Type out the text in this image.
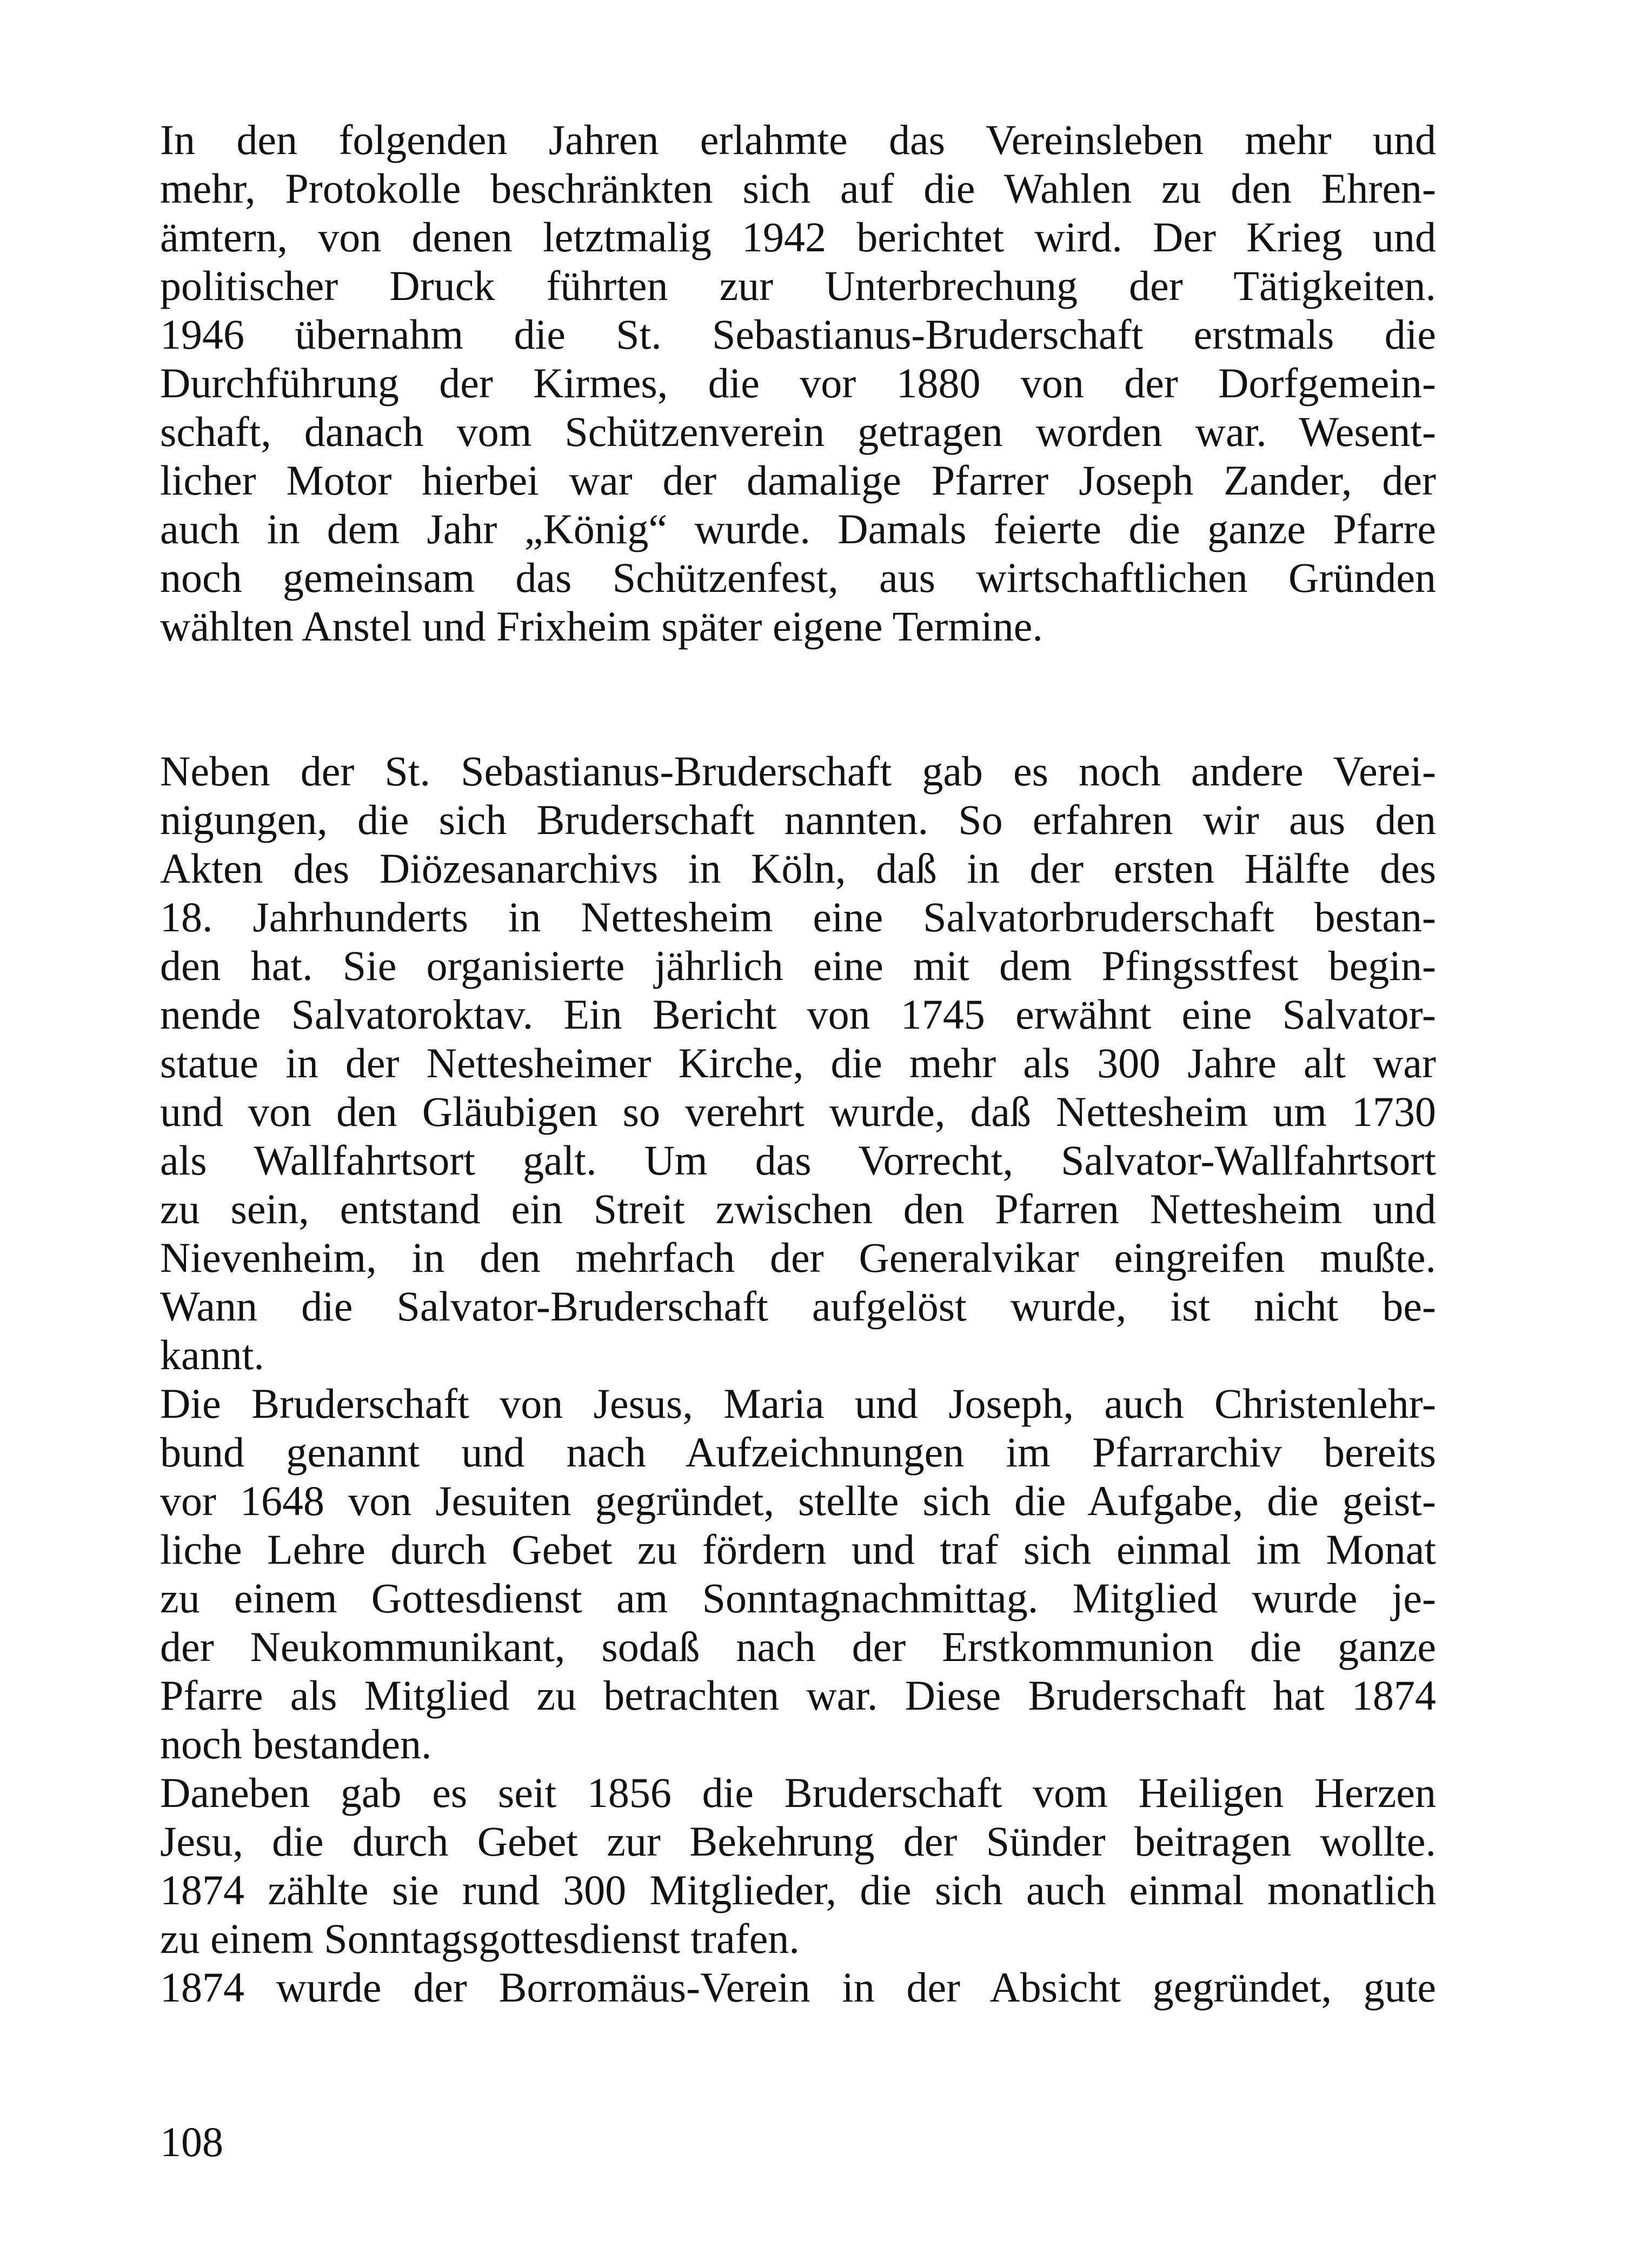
In den folgenden Jahren erlahmte das Vereinsleben mehr und
mehr, Protokolle beschränkten sich auf die Wahlen zu den Ehren-
ämtern, von denen letztmalig 1942 berichtet wird. Der Krieg und
politischer Druck führten zur Unterbrechung der Tätigkeiten.
1946 übernahm die St. Sebastianus-Bruderschaft erstmals die
Durchführung der Kirmes, die vor 1880 von der Dorfgemein-
schaft, danach vom Schützenverein getragen worden war. Wesent-
licher Motor hierbei war der damalige Pfarrer Joseph Zander, der
auch in dem Jahr „König“ wurde. Damals feierte die ganze Pfarre
noch gemeinsam das Schützenfest, aus wirtschaftlichen Gründen
wählten Anstel und Frixheim später eigene Termine.
Neben der St. Sebastianus-Bruderschaft gab es noch andere Verei-
nigungen, die sich Bruderschaft nannten. So erfahren wir aus den
Akten des Diözesanarchivs in Köln, daß in der ersten Hälfte des
18. Jahrhunderts in Nettesheim eine Salvatorbruderschaft bestan-
den hat. Sie organisierte jährlich eine mit dem Pfingsstfest begin-
nende Salvatoroktav. Ein Bericht von 1745 erwähnt eine Salvator-
statue in der Nettesheimer Kirche, die mehr als 300 Jahre alt war
und von den Gläubigen so verehrt wurde, daß Nettesheim um 1730
als Wallfahrtsort galt. Um das Vorrecht, Salvator-Wallfahrtsort
zu sein, entstand ein Streit zwischen den Pfarren Nettesheim und
Nievenheim, in den mehrfach der Generalvikar eingreifen mußte.
Wann die Salvator-Bruderschaft aufgelöst wurde, ist nicht be-
kannt.
Die Bruderschaft von Jesus, Maria und Joseph, auch Christenlehr-
bund genannt und nach Aufzeichnungen im Pfarrarchiv bereits
vor 1648 von Jesuiten gegründet, stellte sich die Aufgabe, die geist-
liche Lehre durch Gebet zu fördern und traf sich einmal im Monat
zu einem Gottesdienst am Sonntagnachmittag. Mitglied wurde je-
der Neukommunikant, sodaß nach der Erstkommunion die ganze
Pfarre als Mitglied zu betrachten war. Diese Bruderschaft hat 1874
noch bestanden.
Daneben gab es seit 1856 die Bruderschaft vom Heiligen Herzen
Jesu, die durch Gebet zur Bekehrung der Sünder beitragen wollte.
1874 zählte sie rund 300 Mitglieder, die sich auch einmal monatlich
zu einem Sonntagsgottesdienst trafen.
1874 wurde der Borromäus-Verein in der Absicht gegründet, gute
108
